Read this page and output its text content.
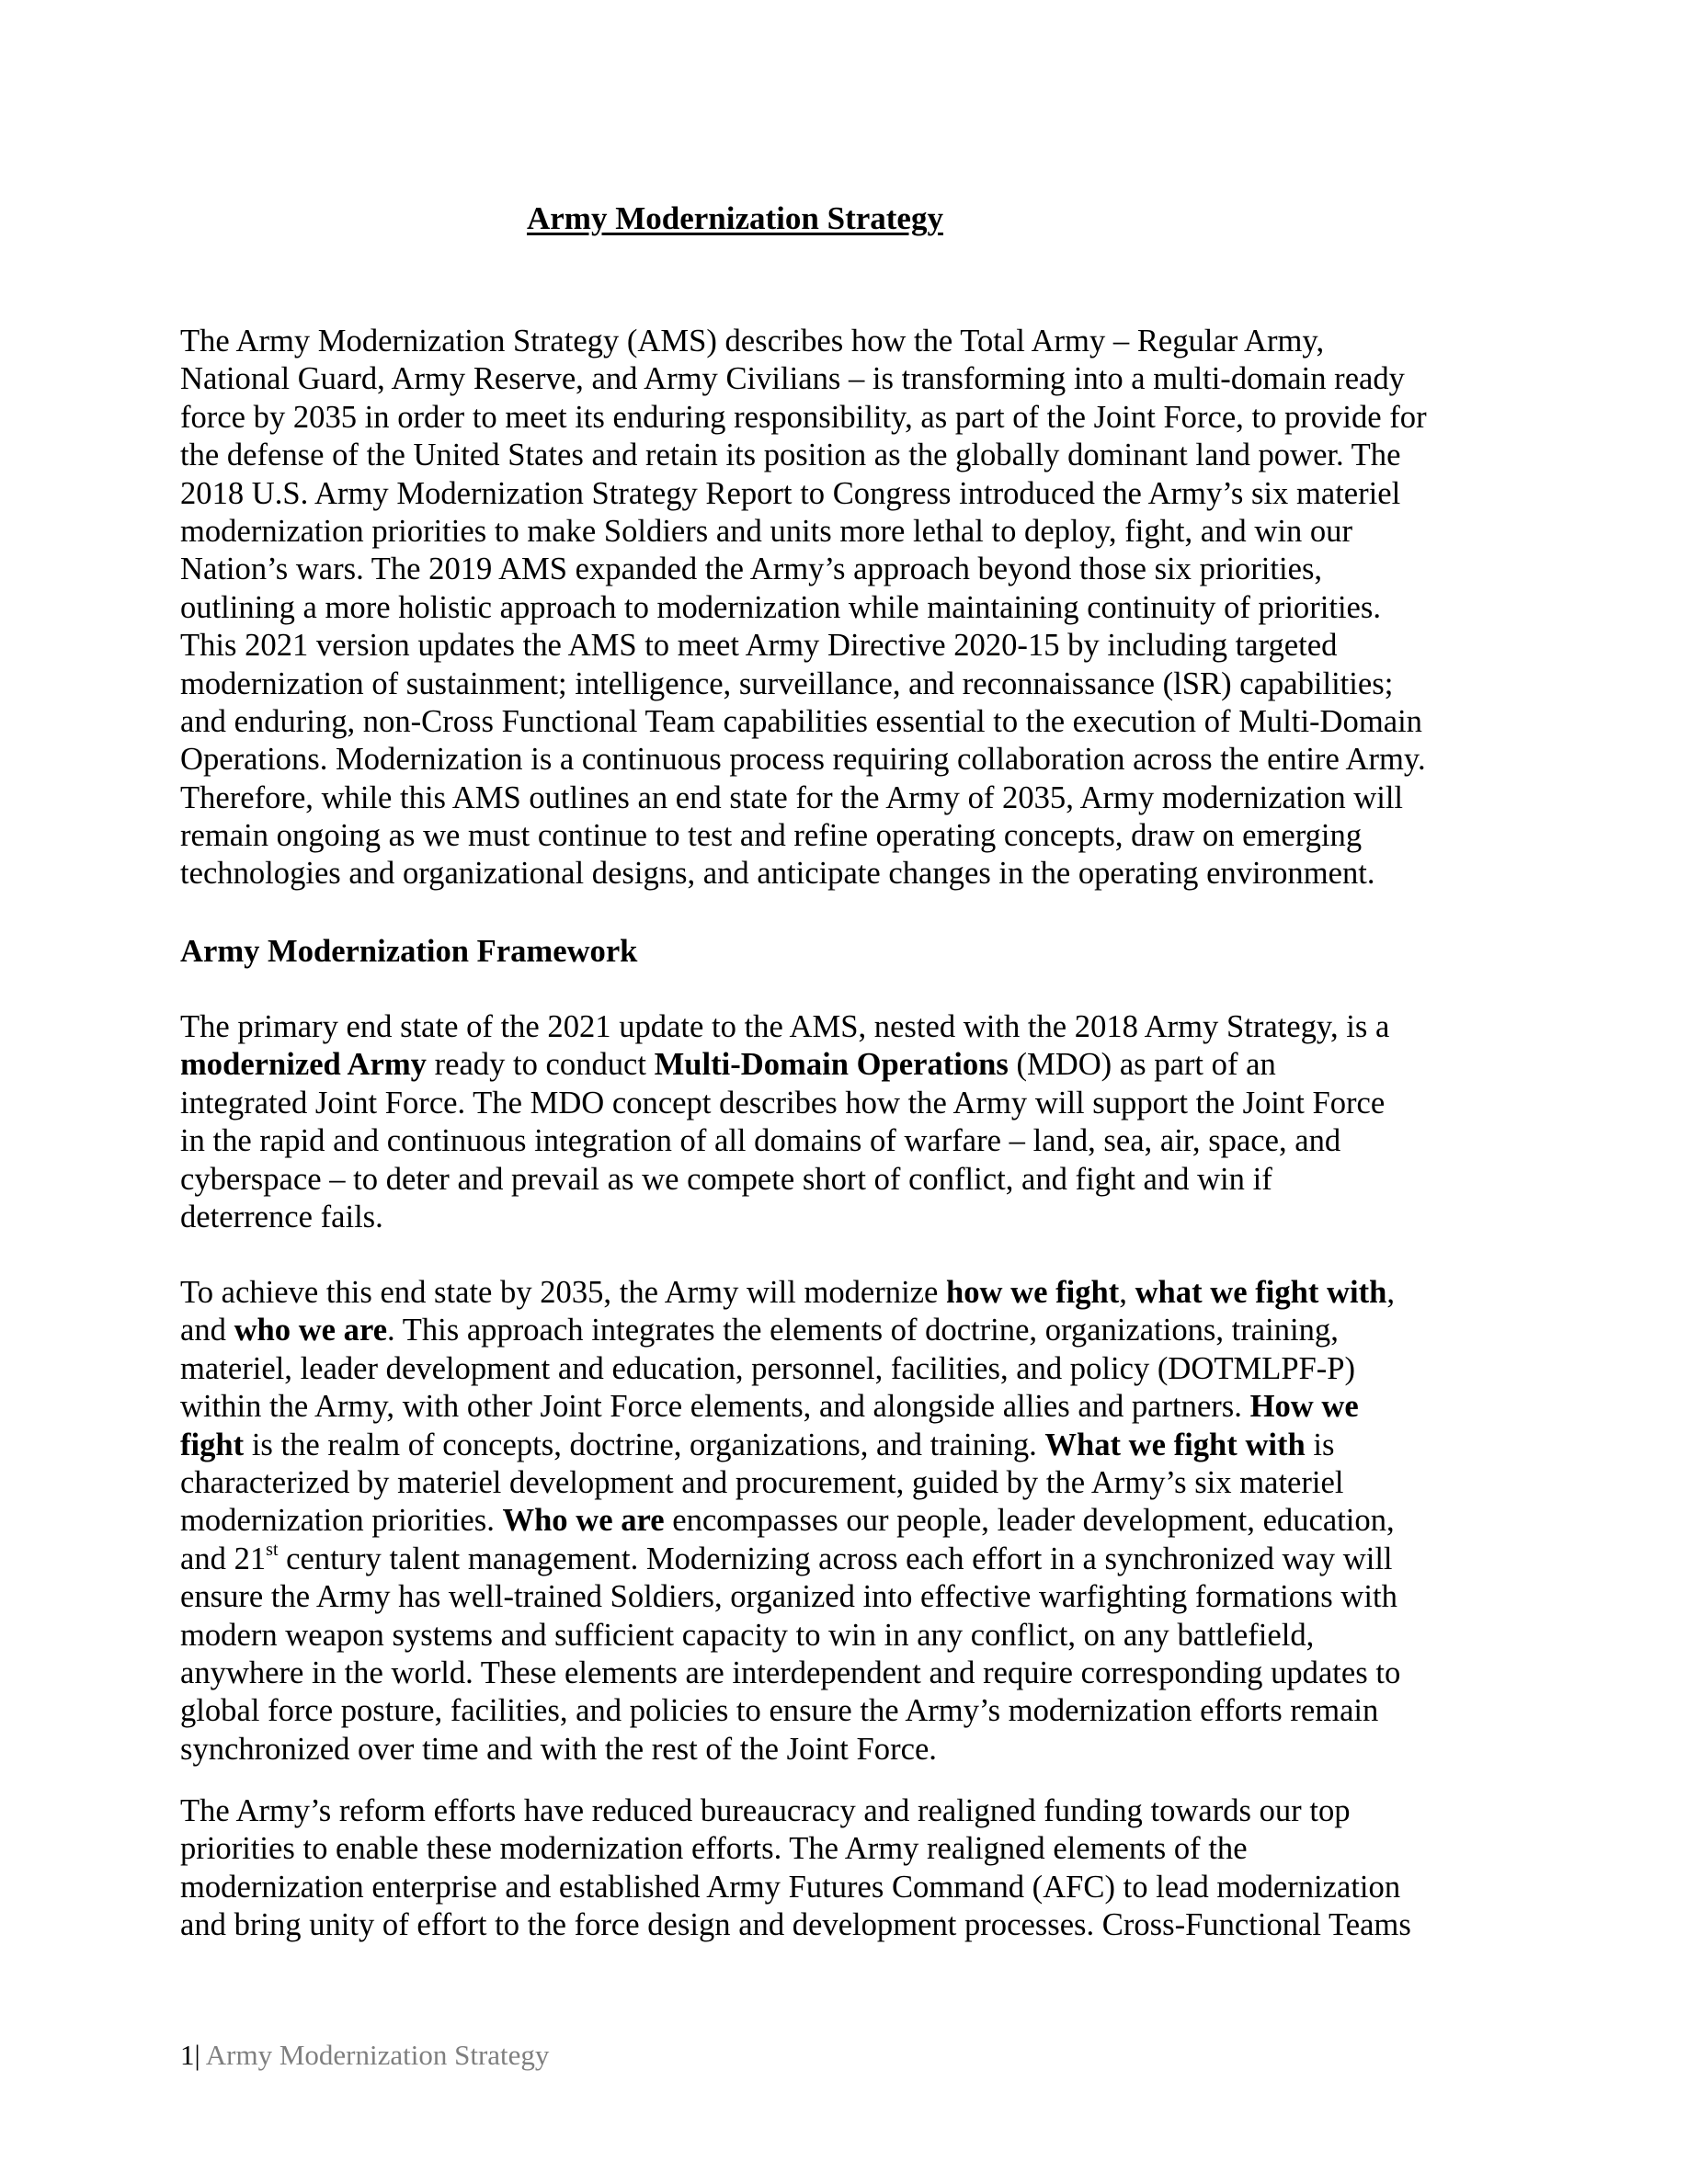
Army Modernization Strategy
The Army Modernization Strategy (AMS) describes how the Total Army – Regular Army,
National Guard, Army Reserve, and Army Civilians – is transforming into a multi-domain ready
force by 2035 in order to meet its enduring responsibility, as part of the Joint Force, to provide for
the defense of the United States and retain its position as the globally dominant land power. The
2018 U.S. Army Modernization Strategy Report to Congress introduced the Army’s six materiel
modernization priorities to make Soldiers and units more lethal to deploy, fight, and win our
Nation’s wars. The 2019 AMS expanded the Army’s approach beyond those six priorities,
outlining a more holistic approach to modernization while maintaining continuity of priorities.
This 2021 version updates the AMS to meet Army Directive 2020-15 by including targeted
modernization of sustainment; intelligence, surveillance, and reconnaissance (lSR) capabilities;
and enduring, non-Cross Functional Team capabilities essential to the execution of Multi-Domain
Operations. Modernization is a continuous process requiring collaboration across the entire Army.
Therefore, while this AMS outlines an end state for the Army of 2035, Army modernization will
remain ongoing as we must continue to test and refine operating concepts, draw on emerging
technologies and organizational designs, and anticipate changes in the operating environment.
Army Modernization Framework
The primary end state of the 2021 update to the AMS, nested with the 2018 Army Strategy, is a
modernized Army ready to conduct Multi-Domain Operations (MDO) as part of an
integrated Joint Force. The MDO concept describes how the Army will support the Joint Force
in the rapid and continuous integration of all domains of warfare – land, sea, air, space, and
cyberspace – to deter and prevail as we compete short of conflict, and fight and win if
deterrence fails.
To achieve this end state by 2035, the Army will modernize how we fight, what we fight with,
and who we are. This approach integrates the elements of doctrine, organizations, training,
materiel, leader development and education, personnel, facilities, and policy (DOTMLPF-P)
within the Army, with other Joint Force elements, and alongside allies and partners. How we
fight is the realm of concepts, doctrine, organizations, and training. What we fight with is
characterized by materiel development and procurement, guided by the Army’s six materiel
modernization priorities. Who we are encompasses our people, leader development, education,
and 21st century talent management. Modernizing across each effort in a synchronized way will
ensure the Army has well-trained Soldiers, organized into effective warfighting formations with
modern weapon systems and sufficient capacity to win in any conflict, on any battlefield,
anywhere in the world. These elements are interdependent and require corresponding updates to
global force posture, facilities, and policies to ensure the Army’s modernization efforts remain
synchronized over time and with the rest of the Joint Force.
The Army’s reform efforts have reduced bureaucracy and realigned funding towards our top
priorities to enable these modernization efforts. The Army realigned elements of the
modernization enterprise and established Army Futures Command (AFC) to lead modernization
and bring unity of effort to the force design and development processes. Cross-Functional Teams
1| Army Modernization Strategy
